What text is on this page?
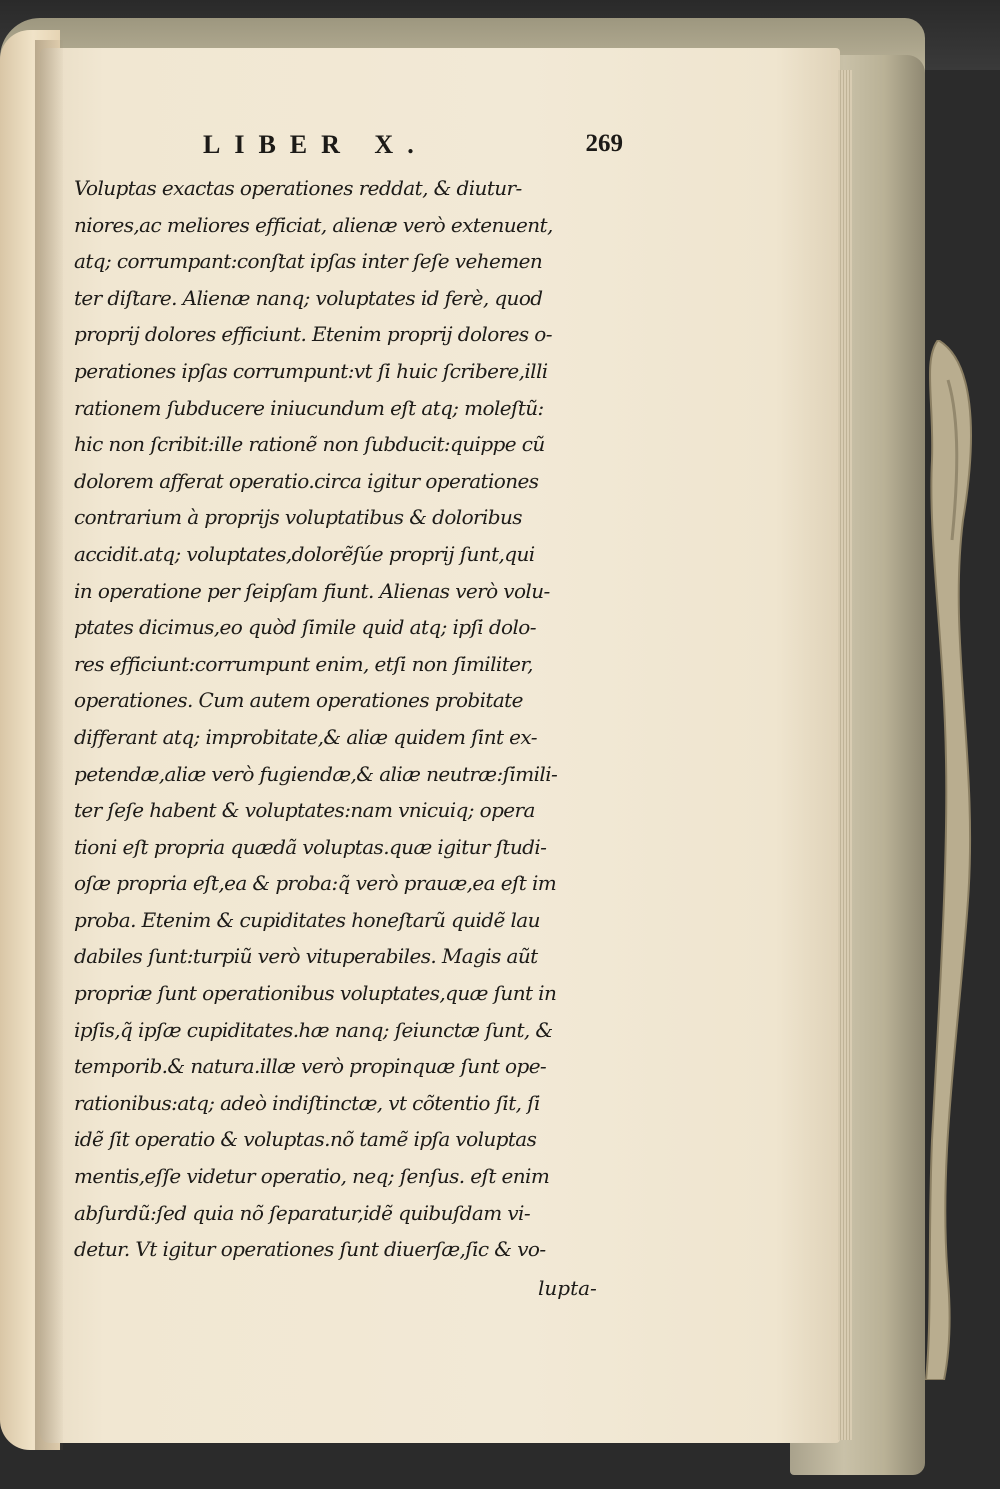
LIBER X.	269
Voluptas exactas operationes reddat, & diutur-
niores,ac meliores efficiat, alienæ verò extenuent,
atq; corrumpant:conſtat ipſas inter ſeſe vehemen
ter diſtare. Alienæ nanq; voluptates id ferè, quod
proprij dolores efficiunt. Etenim proprij dolores o-
perationes ipſas corrumpunt:vt ſi huic ſcribere,illi
rationem ſubducere iniucundum eſt atq; moleſtũ:
hic non ſcribit:ille rationẽ non ſubducit:quippe cũ
dolorem afferat operatio.circa igitur operationes
contrarium à proprijs voluptatibus & doloribus
accidit.atq; voluptates,dolorẽſúe proprij ſunt,qui
in operatione per ſeipſam fiunt. Alienas verò volu-
ptates dicimus,eo quòd ſimile quid atq; ipſi dolo-
res efficiunt:corrumpunt enim, etſi non ſimiliter,
operationes. Cum autem operationes probitate
differant atq; improbitate,& aliæ quidem ſint ex-
petendæ,aliæ verò fugiendæ,& aliæ neutræ:ſimili-
ter ſeſe habent & voluptates:nam vnicuiq; opera
tioni eſt propria quædã voluptas.quæ igitur ſtudi-
oſæ propria eſt,ea & proba:q̃ verò prauæ,ea eſt im
proba. Etenim & cupiditates honeſtarũ quidẽ lau
dabiles ſunt:turpiũ verò vituperabiles. Magis aũt
propriæ ſunt operationibus voluptates,quæ ſunt in
ipſis,q̃ ipſæ cupiditates.hæ nanq; ſeiunctæ ſunt, &
temporib.& natura.illæ verò propinquæ ſunt ope-
rationibus:atq; adeò indiſtinctæ, vt cõtentio ſit, ſi
idẽ ſit operatio & voluptas.nõ tamẽ ipſa voluptas
mentis,eſſe videtur operatio, neq; ſenſus. eſt enim
abſurdũ:ſed quia nõ ſeparatur,idẽ quibuſdam vi-
detur. Vt igitur operationes ſunt diuerſæ,ſic & vo-
lupta-
